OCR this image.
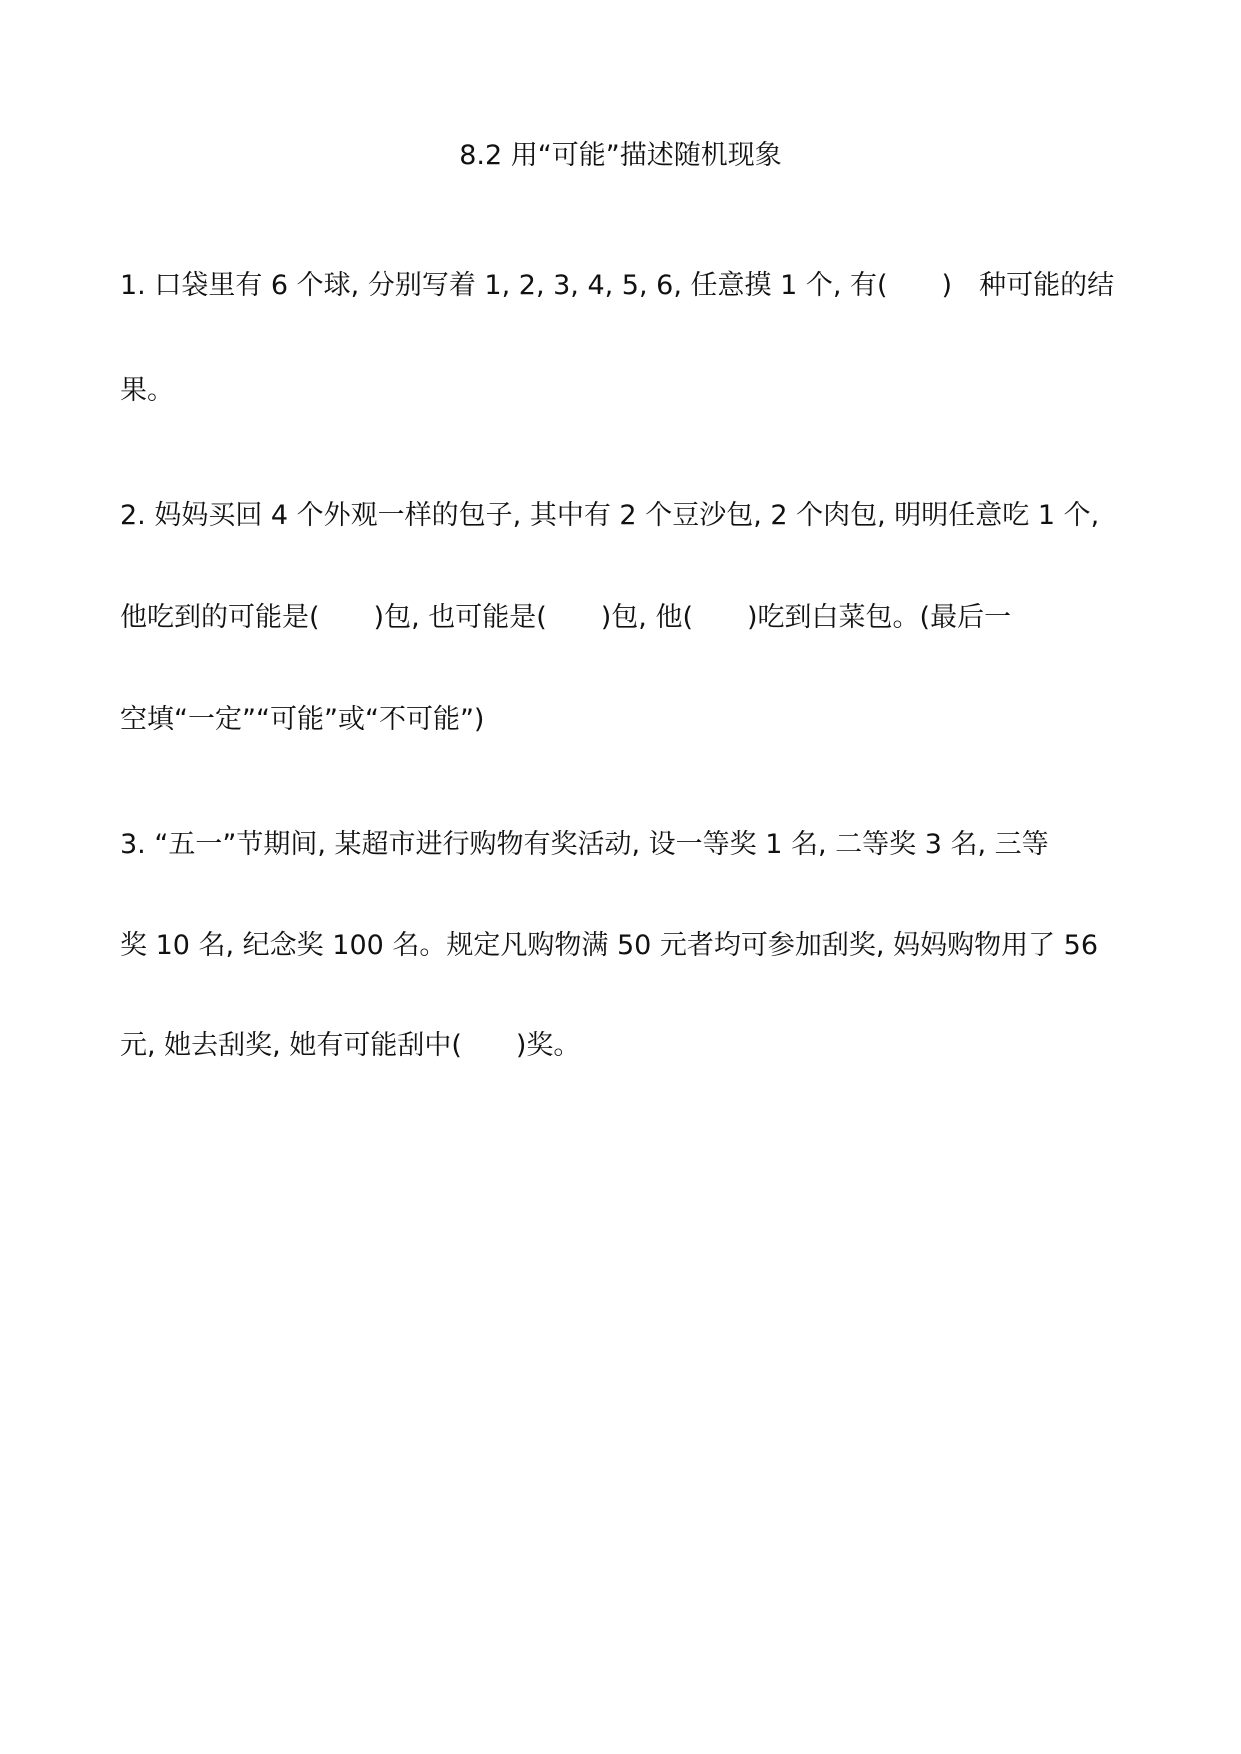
8.2 用“可能”描述随机现象
1. 口袋里有 6 个球, 分别写着 1, 2, 3, 4, 5, 6, 任意摸 1 个, 有(　　)　种可能的结
果。
2. 妈妈买回 4 个外观一样的包子, 其中有 2 个豆沙包, 2 个肉包, 明明任意吃 1 个,
他吃到的可能是(　　)包, 也可能是(　　)包, 他(　　)吃到白菜包。(最后一
空填“一定”“可能”或“不可能”)
3. “五一”节期间, 某超市进行购物有奖活动, 设一等奖 1 名, 二等奖 3 名, 三等
奖 10 名, 纪念奖 100 名。规定凡购物满 50 元者均可参加刮奖, 妈妈购物用了 56
元, 她去刮奖, 她有可能刮中(　　)奖。
